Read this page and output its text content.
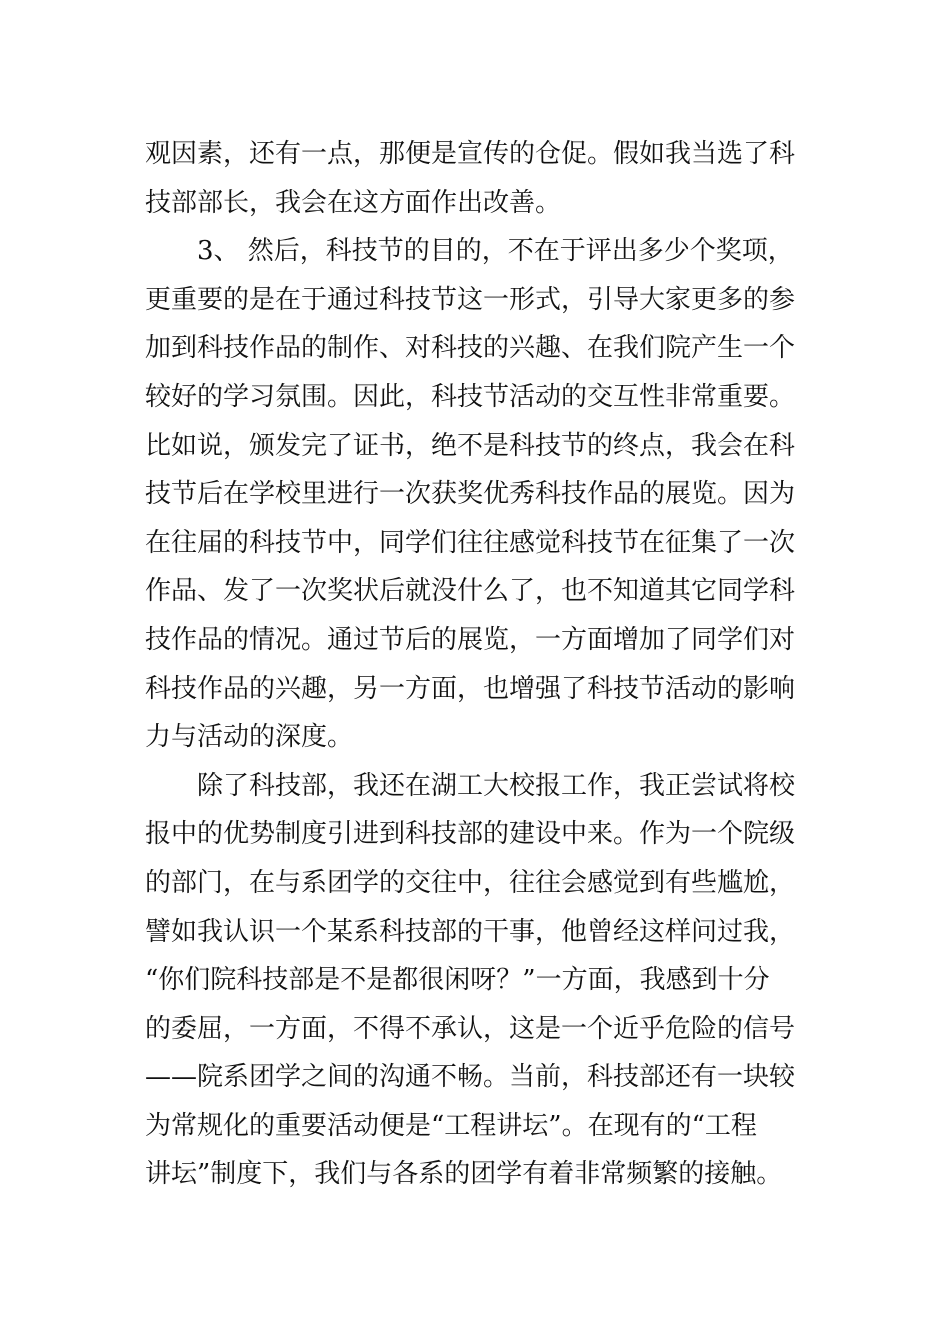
观因素，还有一点，那便是宣传的仓促。假如我当选了科
技部部长，我会在这方面作出改善。
3、 然后，科技节的目的，不在于评出多少个奖项，
更重要的是在于通过科技节这一形式，引导大家更多的参
加到科技作品的制作、对科技的兴趣、在我们院产生一个
较好的学习氛围。因此，科技节活动的交互性非常重要。
比如说，颁发完了证书，绝不是科技节的终点，我会在科
技节后在学校里进行一次获奖优秀科技作品的展览。因为
在往届的科技节中，同学们往往感觉科技节在征集了一次
作品、发了一次奖状后就没什么了，也不知道其它同学科
技作品的情况。通过节后的展览，一方面增加了同学们对
科技作品的兴趣，另一方面，也增强了科技节活动的影响
力与活动的深度。
除了科技部，我还在湖工大校报工作，我正尝试将校
报中的优势制度引进到科技部的建设中来。作为一个院级
的部门，在与系团学的交往中，往往会感觉到有些尴尬，
譬如我认识一个某系科技部的干事，他曾经这样问过我，
“你们院科技部是不是都很闲呀？”一方面，我感到十分
的委屈，一方面，不得不承认，这是一个近乎危险的信号
——院系团学之间的沟通不畅。当前，科技部还有一块较
为常规化的重要活动便是“工程讲坛”。在现有的“工程
讲坛”制度下，我们与各系的团学有着非常频繁的接触。
